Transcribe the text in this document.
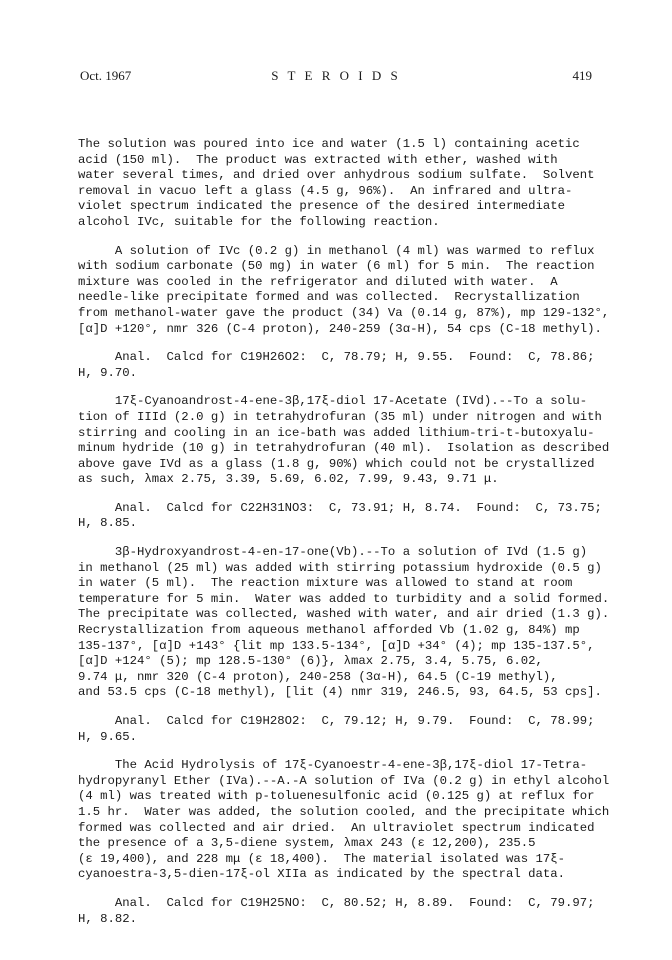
Oct. 1967	S T E R O I D S	419
The solution was poured into ice and water (1.5 l) containing acetic
acid (150 ml).  The product was extracted with ether, washed with
water several times, and dried over anhydrous sodium sulfate.  Solvent
removal in vacuo left a glass (4.5 g, 96%).  An infrared and ultra-
violet spectrum indicated the presence of the desired intermediate
alcohol IVc, suitable for the following reaction.
A solution of IVc (0.2 g) in methanol (4 ml) was warmed to reflux
with sodium carbonate (50 mg) in water (6 ml) for 5 min.  The reaction
mixture was cooled in the refrigerator and diluted with water.  A
needle-like precipitate formed and was collected.  Recrystallization
from methanol-water gave the product (34) Va (0.14 g, 87%), mp 129-132°,
[α]D +120°, nmr 326 (C-4 proton), 240-259 (3α-H), 54 cps (C-18 methyl).
Anal.  Calcd for C19H26O2:  C, 78.79; H, 9.55.  Found:  C, 78.86;
H, 9.70.
17ξ-Cyanoandrost-4-ene-3β,17ξ-diol 17-Acetate (IVd).--To a solu-
tion of IIId (2.0 g) in tetrahydrofuran (35 ml) under nitrogen and with
stirring and cooling in an ice-bath was added lithium-tri-t-butoxyalu-
minum hydride (10 g) in tetrahydrofuran (40 ml).  Isolation as described
above gave IVd as a glass (1.8 g, 90%) which could not be crystallized
as such, λmax 2.75, 3.39, 5.69, 6.02, 7.99, 9.43, 9.71 μ.
Anal.  Calcd for C22H31NO3:  C, 73.91; H, 8.74.  Found:  C, 73.75;
H, 8.85.
3β-Hydroxyandrost-4-en-17-one(Vb).--To a solution of IVd (1.5 g)
in methanol (25 ml) was added with stirring potassium hydroxide (0.5 g)
in water (5 ml).  The reaction mixture was allowed to stand at room
temperature for 5 min.  Water was added to turbidity and a solid formed.
The precipitate was collected, washed with water, and air dried (1.3 g).
Recrystallization from aqueous methanol afforded Vb (1.02 g, 84%) mp
135-137°, [α]D +143° {lit mp 133.5-134°, [α]D +34° (4); mp 135-137.5°,
[α]D +124° (5); mp 128.5-130° (6)}, λmax 2.75, 3.4, 5.75, 6.02,
9.74 μ, nmr 320 (C-4 proton), 240-258 (3α-H), 64.5 (C-19 methyl),
and 53.5 cps (C-18 methyl), [lit (4) nmr 319, 246.5, 93, 64.5, 53 cps].
Anal.  Calcd for C19H28O2:  C, 79.12; H, 9.79.  Found:  C, 78.99;
H, 9.65.
The Acid Hydrolysis of 17ξ-Cyanoestr-4-ene-3β,17ξ-diol 17-Tetra-
hydropyranyl Ether (IVa).--A.-A solution of IVa (0.2 g) in ethyl alcohol
(4 ml) was treated with p-toluenesulfonic acid (0.125 g) at reflux for
1.5 hr.  Water was added, the solution cooled, and the precipitate which
formed was collected and air dried.  An ultraviolet spectrum indicated
the presence of a 3,5-diene system, λmax 243 (ε 12,200), 235.5
(ε 19,400), and 228 mμ (ε 18,400).  The material isolated was 17ξ-
cyanoestra-3,5-dien-17ξ-ol XIIa as indicated by the spectral data.
Anal.  Calcd for C19H25NO:  C, 80.52; H, 8.89.  Found:  C, 79.97;
H, 8.82.
